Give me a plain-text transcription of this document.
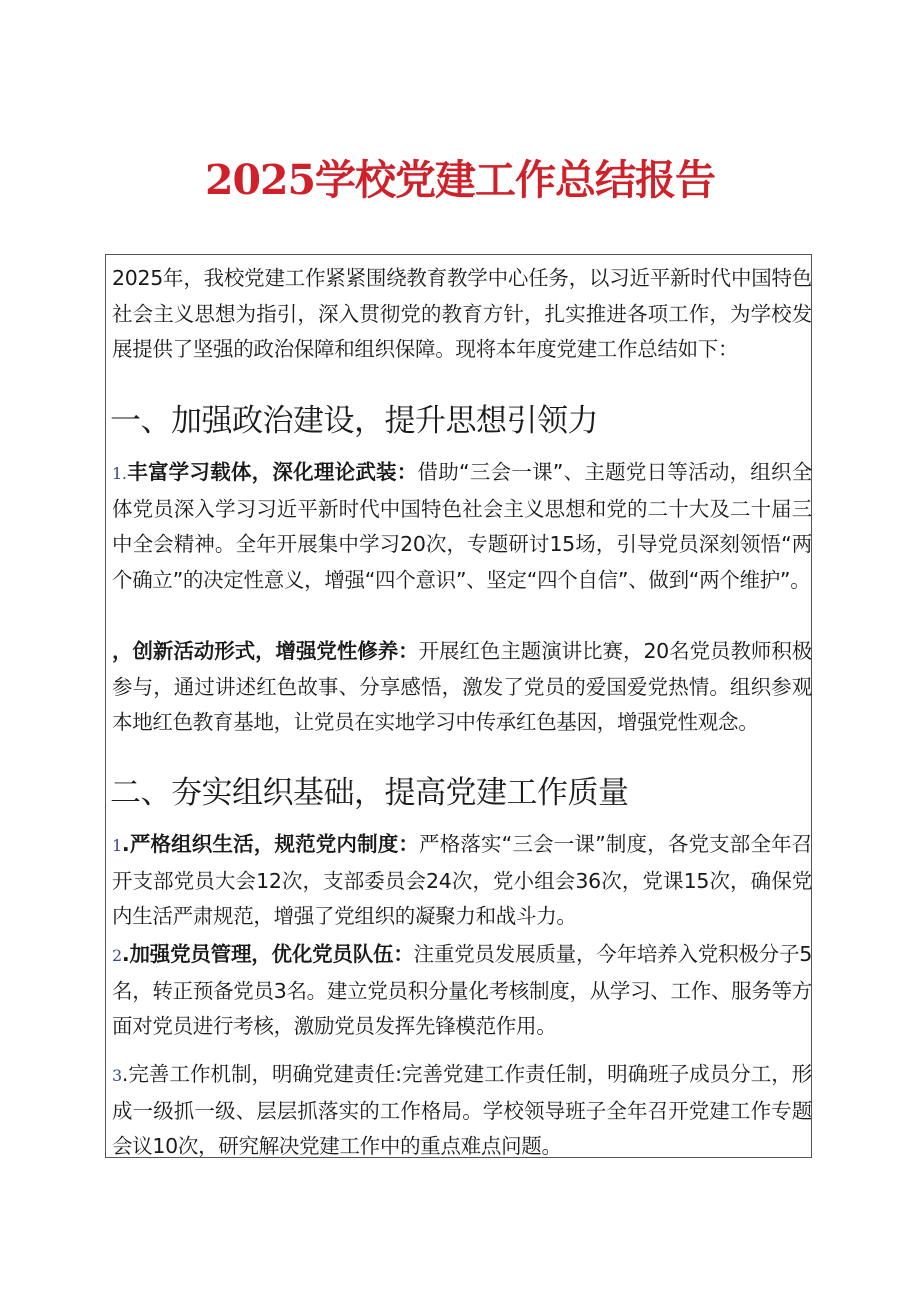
2025学校党建工作总结报告

2025年，我校党建工作紧紧围绕教育教学中心任务，以习近平新时代中国特色社会主义思想为指引，深入贯彻党的教育方针，扎实推进各项工作，为学校发展提供了坚强的政治保障和组织保障。现将本年度党建工作总结如下：

一、加强政治建设，提升思想引领力

1.丰富学习载体，深化理论武装：借助“三会一课”、主题党日等活动，组织全体党员深入学习习近平新时代中国特色社会主义思想和党的二十大及二十届三中全会精神。全年开展集中学习20次，专题研讨15场，引导党员深刻领悟“两个确立”的决定性意义，增强“四个意识”、坚定“四个自信”、做到“两个维护”。

，创新活动形式，增强党性修养：开展红色主题演讲比赛，20名党员教师积极参与，通过讲述红色故事、分享感悟，激发了党员的爱国爱党热情。组织参观本地红色教育基地，让党员在实地学习中传承红色基因，增强党性观念。

二、夯实组织基础，提高党建工作质量

1.严格组织生活，规范党内制度：严格落实“三会一课”制度，各党支部全年召开支部党员大会12次，支部委员会24次，党小组会36次，党课15次，确保党内生活严肃规范，增强了党组织的凝聚力和战斗力。

2.加强党员管理，优化党员队伍：注重党员发展质量，今年培养入党积极分子5名，转正预备党员3名。建立党员积分量化考核制度，从学习、工作、服务等方面对党员进行考核，激励党员发挥先锋模范作用。

3.完善工作机制，明确党建责任:完善党建工作责任制，明确班子成员分工，形成一级抓一级、层层抓落实的工作格局。学校领导班子全年召开党建工作专题会议10次，研究解决党建工作中的重点难点问题。
